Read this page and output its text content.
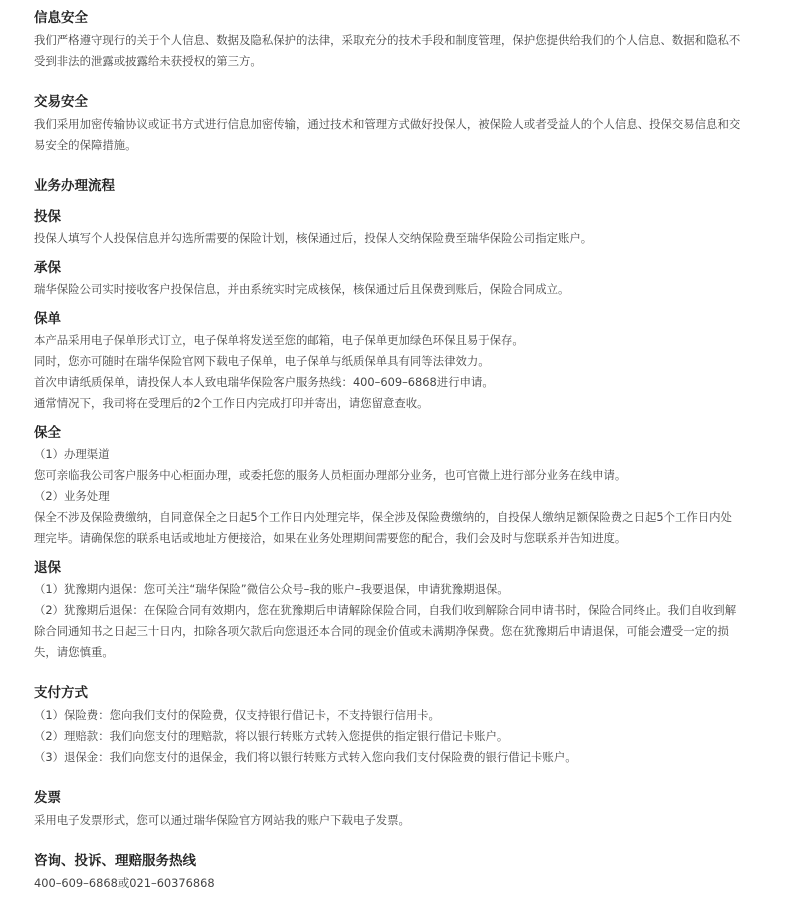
信息安全

我们严格遵守现行的关于个人信息、数据及隐私保护的法律，采取充分的技术手段和制度管理，保护您提供给我们的个人信息、数据和隐私不

受到非法的泄露或披露给未获授权的第三方。

交易安全

我们采用加密传输协议或证书方式进行信息加密传输，通过技术和管理方式做好投保人，被保险人或者受益人的个人信息、投保交易信息和交

易安全的保障措施。

业务办理流程
投保

投保人填写个人投保信息并勾选所需要的保险计划，核保通过后，投保人交纳保险费至瑞华保险公司指定账户。

承保

瑞华保险公司实时接收客户投保信息，并由系统实时完成核保，核保通过后且保费到账后，保险合同成立。

保单

本产品采用电子保单形式订立，电子保单将发送至您的邮箱，电子保单更加绿色环保且易于保存。

同时，您亦可随时在瑞华保险官网下载电子保单，电子保单与纸质保单具有同等法律效力。

首次申请纸质保单，请投保人本人致电瑞华保险客户服务热线：400–609–6868进行申请。

通常情况下，我司将在受理后的2个工作日内完成打印并寄出，请您留意查收。

保全

（1）办理渠道

您可亲临我公司客户服务中心柜面办理，或委托您的服务人员柜面办理部分业务，也可官微上进行部分业务在线申请。

（2）业务处理

保全不涉及保险费缴纳，自同意保全之日起5个工作日内处理完毕，保全涉及保险费缴纳的，自投保人缴纳足额保险费之日起5个工作日内处

理完毕。请确保您的联系电话或地址方便接洽，如果在业务处理期间需要您的配合，我们会及时与您联系并告知进度。

退保

（1）犹豫期内退保：您可关注“瑞华保险”微信公众号–我的账户–我要退保，申请犹豫期退保。

（2）犹豫期后退保：在保险合同有效期内，您在犹豫期后申请解除保险合同，自我们收到解除合同申请书时，保险合同终止。我们自收到解

除合同通知书之日起三十日内，扣除各项欠款后向您退还本合同的现金价值或未满期净保费。您在犹豫期后申请退保，可能会遭受一定的损

失，请您慎重。

支付方式

（1）保险费：您向我们支付的保险费，仅支持银行借记卡，不支持银行信用卡。

（2）理赔款：我们向您支付的理赔款，将以银行转账方式转入您提供的指定银行借记卡账户。

（3）退保金：我们向您支付的退保金，我们将以银行转账方式转入您向我们支付保险费的银行借记卡账户。

发票

采用电子发票形式，您可以通过瑞华保险官方网站我的账户下载电子发票。

咨询、投诉、理赔服务热线

400–609–6868或021–60376868
